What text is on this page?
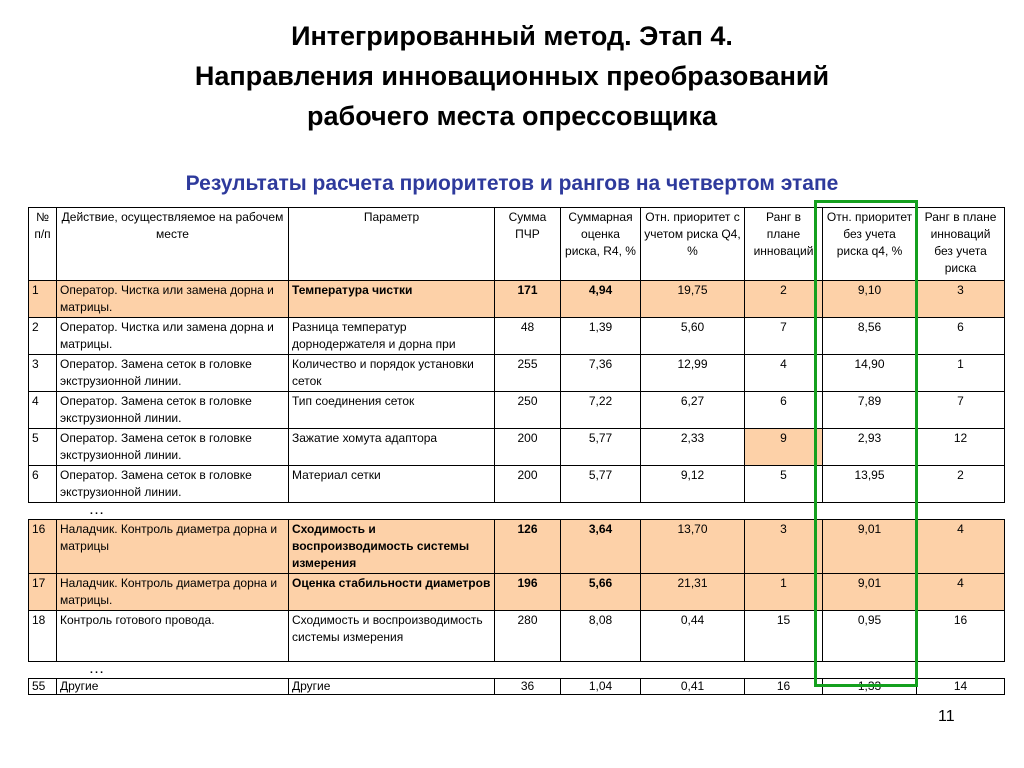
Интегрированный метод. Этап 4.
Направления инновационных преобразований
рабочего места опрессовщика
Результаты расчета приоритетов и рангов на четвертом этапе
№ п/п	Действие, осуществляемое на рабочем месте	Параметр	Сумма ПЧР	Суммарная оценка риска, R4, %	Отн. приоритет с учетом риска Q4, %	Ранг в плане инноваций	Отн. приоритет без учета риска q4, %	Ранг в плане инноваций без учета риска
1	Оператор. Чистка или замена дорна и матрицы.	Температура чистки	171	4,94	19,75	2	9,10	3
2	Оператор. Чистка или замена дорна и матрицы.	Разница температур дорнодержателя и дорна при	48	1,39	5,60	7	8,56	6
3	Оператор. Замена сеток в головке экструзионной линии.	Количество и порядок установки сеток	255	7,36	12,99	4	14,90	1
4	Оператор. Замена сеток в головке экструзионной линии.	Тип соединения сеток	250	7,22	6,27	6	7,89	7
5	Оператор. Замена сеток в головке экструзионной линии.	Зажатие хомута адаптора	200	5,77	2,33	9	2,93	12
6	Оператор. Замена сеток в головке экструзионной линии.	Материал сетки	200	5,77	9,12	5	13,95	2
…								
16	Наладчик. Контроль диаметра дорна и матрицы	Сходимость и воспроизводимость системы измерения	126	3,64	13,70	3	9,01	4
17	Наладчик. Контроль диаметра дорна и матрицы.	Оценка стабильности диаметров	196	5,66	21,31	1	9,01	4
18	Контроль готового провода.	Сходимость и воспроизводимость системы измерения	280	8,08	0,44	15	0,95	16
…								
55	Другие	Другие	36	1,04	0,41	16	1,33	14
11
